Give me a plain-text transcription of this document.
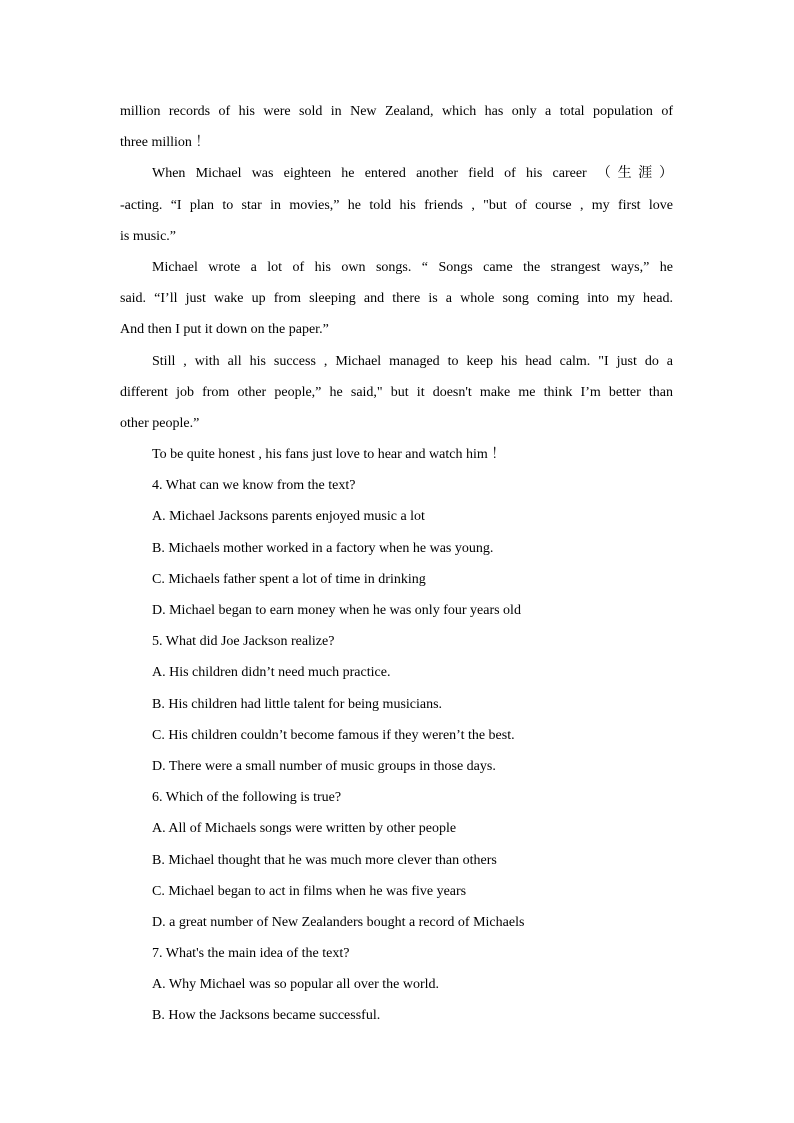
million records of his were sold in New Zealand, which has only a total population of
three million ！
When Michael was eighteen he entered another field of his career （生涯）
-acting. “I plan to star in movies,” he told his friends , "but of course , my first love
is music.”
Michael wrote a lot of his own songs. “ Songs came the strangest ways,” he
said. “I’ll just wake up from sleeping and there is a whole song coming into my head.
And then I put it down on the paper.”
Still , with all his success , Michael managed to keep his head calm. "I just do a
different job from other people,” he said," but it doesn't make me think I’m better than
other people.”
To be quite honest , his fans just love to hear and watch him ！
4. What can we know from the text?
A. Michael Jacksons parents enjoyed music a lot
B. Michaels mother worked in a factory when he was young.
C. Michaels father spent a lot of time in drinking
D. Michael began to earn money when he was only four years old
5. What did Joe Jackson realize?
A. His children didn’t need much practice.
B. His children had little talent for being musicians.
C. His children couldn’t become famous if they weren’t the best.
D. There were a small number of music groups in those days.
6. Which of the following is true?
A. All of Michaels songs were written by other people
B. Michael thought that he was much more clever than others
C. Michael began to act in films when he was five years
D. a great number of New Zealanders bought a record of Michaels
7. What's the main idea of the text?
A. Why Michael was so popular all over the world.
B. How the Jacksons became successful.
